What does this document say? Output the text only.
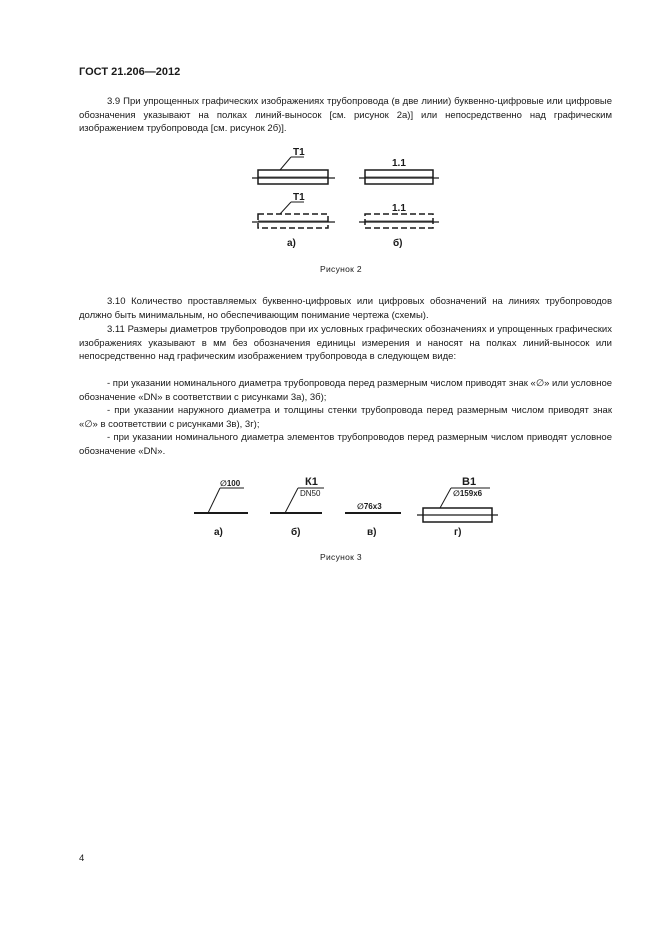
ГОСТ 21.206—2012

3.9 При упрощенных графических изображениях трубопровода (в две линии) буквенно-цифровые или цифровые обозначения указывают на полках линий-выносок [см. рисунок 2а)] или непосредственно над графическим изображением трубопровода [см. рисунок 2б)].

Т1
1.1
Т1
1.1
а)	б)
∅100	К1
DN50
∅76х3
В1
∅159х6
а)	б)	в)	г)
Рисунок 2

3.10 Количество проставляемых буквенно-цифровых или цифровых обозначений на линиях трубопроводов должно быть минимальным, но обеспечивающим понимание чертежа (схемы).

3.11 Размеры диаметров трубопроводов при их условных графических обозначениях и упрощенных графических изображениях указывают в мм без обозначения единицы измерения и наносят на полках линий-выносок или непосредственно над графическим изображением трубопровода в следующем виде:

- при указании номинального диаметра трубопровода перед размерным числом приводят знак «∅» или условное обозначение «DN» в соответствии с рисунками 3а), 3б);

- при указании наружного диаметра и толщины стенки трубопровода перед размерным числом приводят знак «∅» в соответствии с рисунками 3в), 3г);

- при указании номинального диаметра элементов трубопроводов перед размерным числом приводят условное обозначение «DN».

Рисунок 3
4
